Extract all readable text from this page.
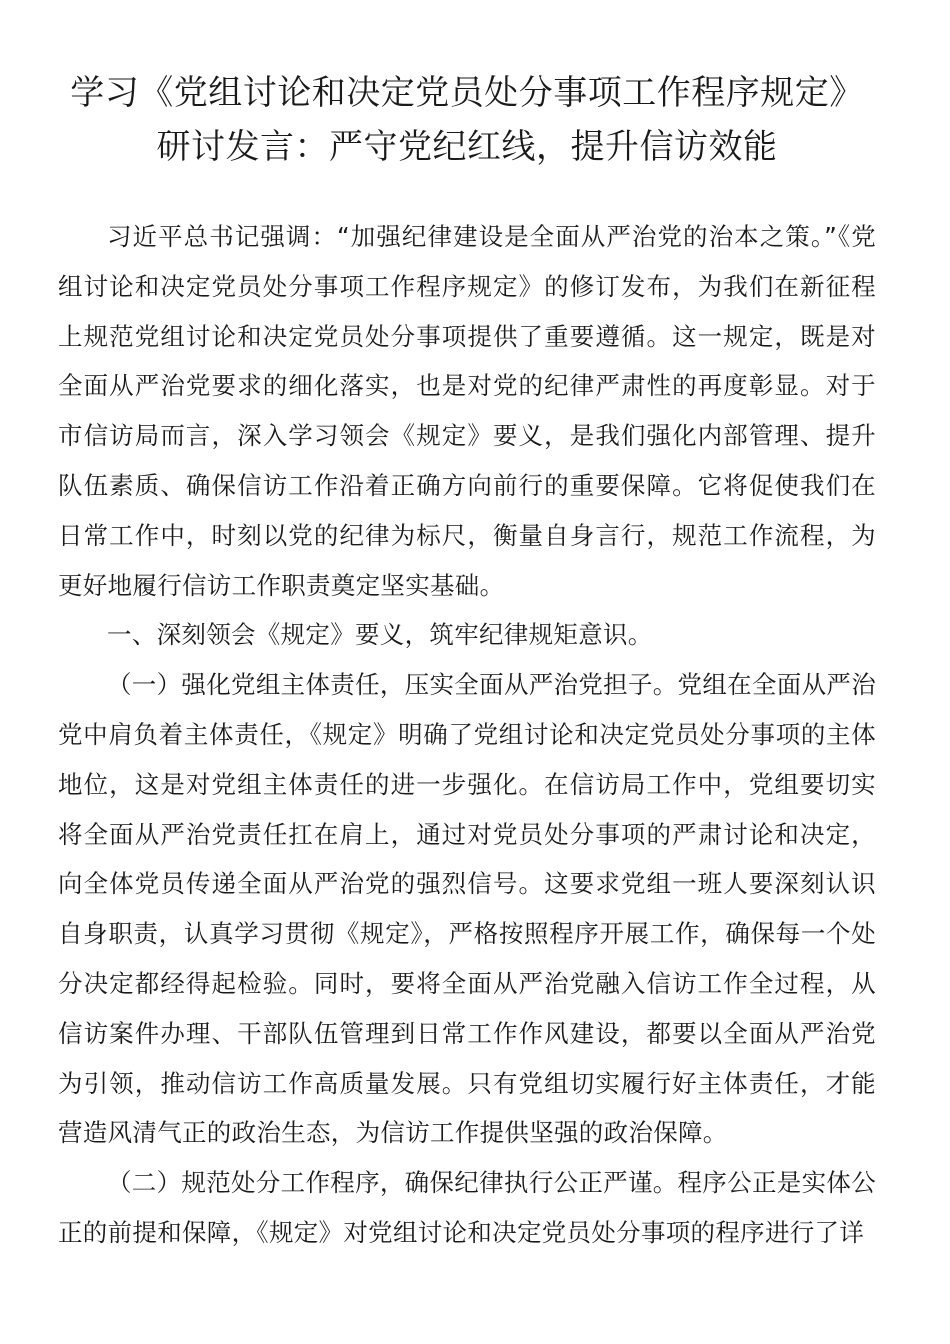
学习《党组讨论和决定党员处分事项工作程序规定》
研讨发言：严守党纪红线，提升信访效能

习近平总书记强调：“加强纪律建设是全面从严治党的治本之策。”《党组讨论和决定党员处分事项工作程序规定》的修订发布，为我们在新征程上规范党组讨论和决定党员处分事项提供了重要遵循。这一规定，既是对全面从严治党要求的细化落实，也是对党的纪律严肃性的再度彰显。对于市信访局而言，深入学习领会《规定》要义，是我们强化内部管理、提升队伍素质、确保信访工作沿着正确方向前行的重要保障。它将促使我们在日常工作中，时刻以党的纪律为标尺，衡量自身言行，规范工作流程，为更好地履行信访工作职责奠定坚实基础。

一、深刻领会《规定》要义，筑牢纪律规矩意识。

（一）强化党组主体责任，压实全面从严治党担子。党组在全面从严治党中肩负着主体责任，《规定》明确了党组讨论和决定党员处分事项的主体地位，这是对党组主体责任的进一步强化。在信访局工作中，党组要切实将全面从严治党责任扛在肩上，通过对党员处分事项的严肃讨论和决定，向全体党员传递全面从严治党的强烈信号。这要求党组一班人要深刻认识自身职责，认真学习贯彻《规定》，严格按照程序开展工作，确保每一个处分决定都经得起检验。同时，要将全面从严治党融入信访工作全过程，从信访案件办理、干部队伍管理到日常工作作风建设，都要以全面从严治党为引领，推动信访工作高质量发展。只有党组切实履行好主体责任，才能营造风清气正的政治生态，为信访工作提供坚强的政治保障。

（二）规范处分工作程序，确保纪律执行公正严谨。程序公正是实体公正的前提和保障，《规定》对党组讨论和决定党员处分事项的程序进行了详
